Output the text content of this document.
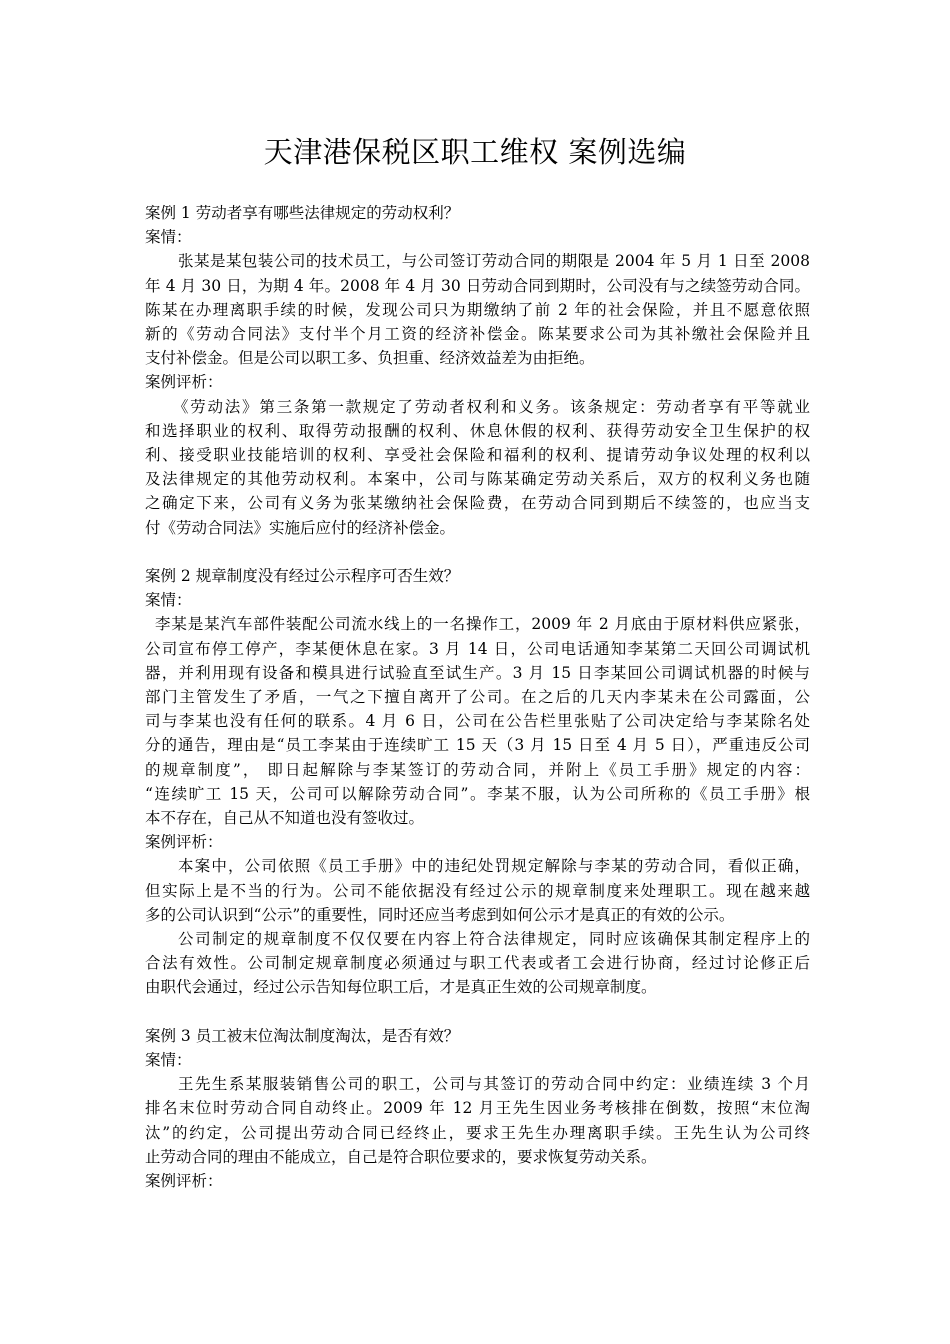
天津港保税区职工维权 案例选编
案例 1 劳动者享有哪些法律规定的劳动权利？
案情：
张某是某包装公司的技术员工，与公司签订劳动合同的期限是 2004 年 5 月 1 日至 2008
年 4 月 30 日，为期 4 年。2008 年 4 月 30 日劳动合同到期时，公司没有与之续签劳动合同。
陈某在办理离职手续的时候，发现公司只为期缴纳了前 2 年的社会保险，并且不愿意依照
新的《劳动合同法》支付半个月工资的经济补偿金。陈某要求公司为其补缴社会保险并且
支付补偿金。但是公司以职工多、负担重、经济效益差为由拒绝。
案例评析：
《劳动法》第三条第一款规定了劳动者权利和义务。该条规定：劳动者享有平等就业
和选择职业的权利、取得劳动报酬的权利、休息休假的权利、获得劳动安全卫生保护的权
利、接受职业技能培训的权利、享受社会保险和福利的权利、提请劳动争议处理的权利以
及法律规定的其他劳动权利。本案中，公司与陈某确定劳动关系后，双方的权利义务也随
之确定下来，公司有义务为张某缴纳社会保险费，在劳动合同到期后不续签的，也应当支
付《劳动合同法》实施后应付的经济补偿金。
案例 2 规章制度没有经过公示程序可否生效？
案情：
李某是某汽车部件装配公司流水线上的一名操作工，2009 年 2 月底由于原材料供应紧张，
公司宣布停工停产，李某便休息在家。3 月 14 日，公司电话通知李某第二天回公司调试机
器，并利用现有设备和模具进行试验直至试生产。3 月 15 日李某回公司调试机器的时候与
部门主管发生了矛盾，一气之下擅自离开了公司。在之后的几天内李某未在公司露面，公
司与李某也没有任何的联系。4 月 6 日，公司在公告栏里张贴了公司决定给与李某除名处
分的通告，理由是“员工李某由于连续旷工 15 天（3 月 15 日至 4 月 5 日），严重违反公司
的规章制度”， 即日起解除与李某签订的劳动合同，并附上《员工手册》规定的内容：
“连续旷工 15 天，公司可以解除劳动合同”。李某不服，认为公司所称的《员工手册》根
本不存在，自己从不知道也没有签收过。
案例评析：
本案中，公司依照《员工手册》中的违纪处罚规定解除与李某的劳动合同，看似正确，
但实际上是不当的行为。公司不能依据没有经过公示的规章制度来处理职工。现在越来越
多的公司认识到“公示”的重要性，同时还应当考虑到如何公示才是真正的有效的公示。
公司制定的规章制度不仅仅要在内容上符合法律规定，同时应该确保其制定程序上的
合法有效性。公司制定规章制度必须通过与职工代表或者工会进行协商，经过讨论修正后
由职代会通过，经过公示告知每位职工后，才是真正生效的公司规章制度。
案例 3 员工被末位淘汰制度淘汰，是否有效？
案情：
王先生系某服装销售公司的职工，公司与其签订的劳动合同中约定：业绩连续 3 个月
排名末位时劳动合同自动终止。2009 年 12 月王先生因业务考核排在倒数，按照“末位淘
汰”的约定，公司提出劳动合同已经终止，要求王先生办理离职手续。王先生认为公司终
止劳动合同的理由不能成立，自己是符合职位要求的，要求恢复劳动关系。
案例评析：
